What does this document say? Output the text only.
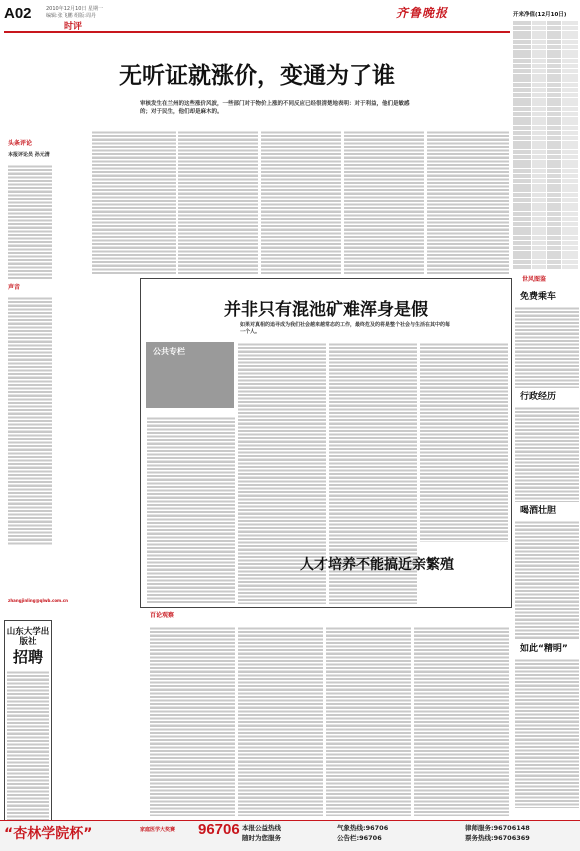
A02	2010年12月10日 星期一
编辑:张飞鹏 组版:周丹
时评
齐鲁晚报
无听证就涨价，变通为了谁
审核发生在兰州的这些涨价风波，一些部门对于物价上涨的不同反应已经很清楚地表明：对于利益，他们是敏感的；对于民生，他们却是麻木的。
头条评论
本报评论员 孙元清
声音
zhangjinling@qlwb.com.cn
并非只有混池矿难浑身是假
如果对真相的追寻成为我们社会越来越常态的工作，最终危及的将是整个社会与生活在其中的每一个人。
公共专栏
人才培养不能搞近亲繁殖
百论观察
山东大学出版社
招聘
开来净值(12月10日)
世风图鉴
免费乘车
行政经历
喝酒壮胆
如此“精明”
“杏林学院杯”	家庭医学大奖赛 96706 本报公益热线
随时为您服务
气象热线:96706
公告栏:96706
律师服务:96706148
票务热线:96706369
